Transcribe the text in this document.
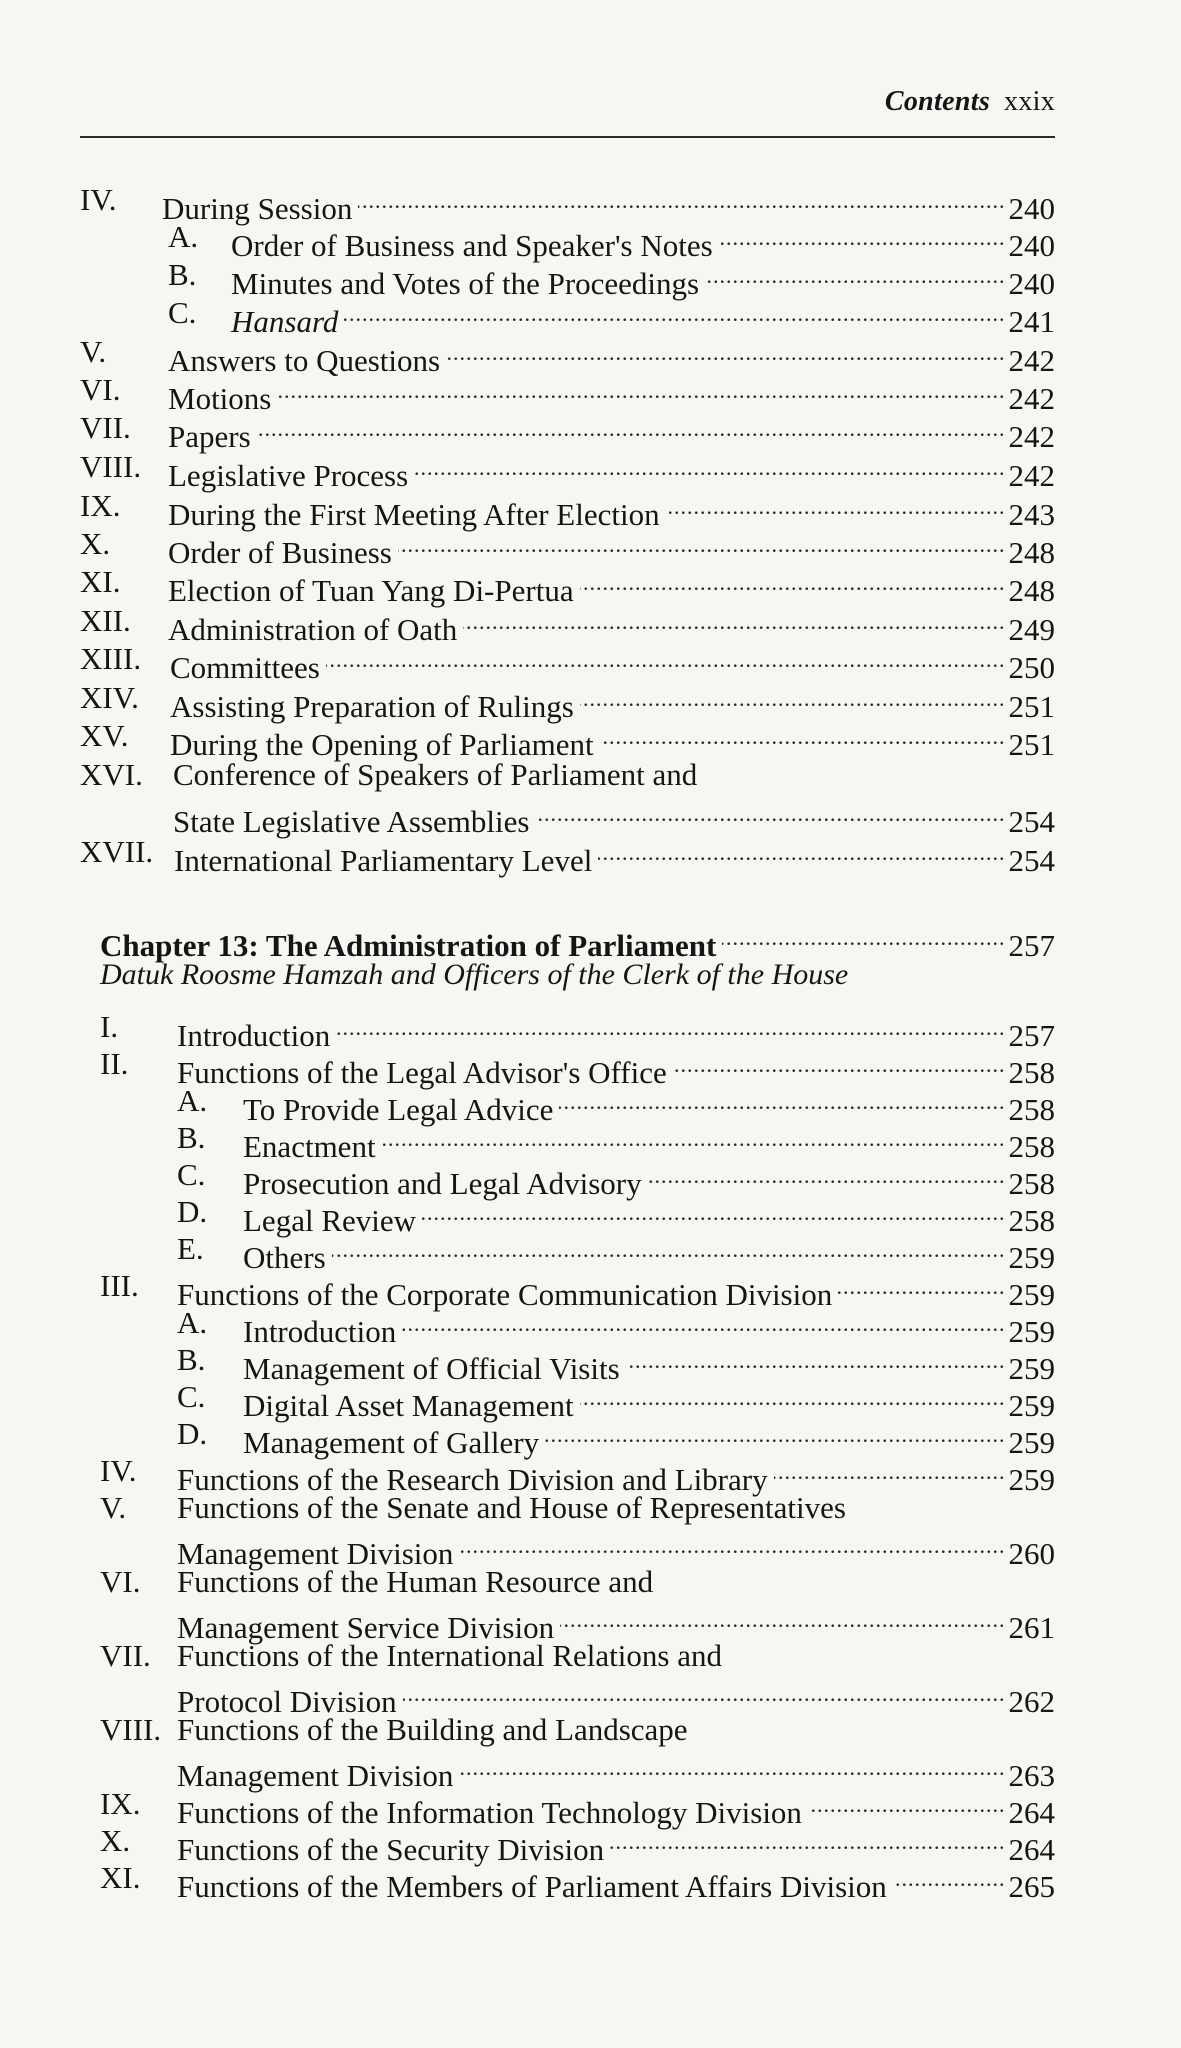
Contents xxix
IV. During Session .....	240
A. Order of Business and Speaker's Notes .....	240
B. Minutes and Votes of the Proceedings .....	240
C. Hansard .....	241
V. Answers to Questions .....	242
VI. Motions .....	242
VII. Papers .....	242
VIII. Legislative Process .....	242
IX. During the First Meeting After Election .....	243
X. Order of Business .....	248
XI. Election of Tuan Yang Di-Pertua .....	248
XII. Administration of Oath .....	249
XIII. Committees .....	250
XIV. Assisting Preparation of Rulings .....	251
XV. During the Opening of Parliament .....	251
XVI. Conference of Speakers of Parliament and
State Legislative Assemblies .....	254
XVII. International Parliamentary Level .....	254
Chapter 13: The Administration of Parliament .....	257
Datuk Roosme Hamzah and Officers of the Clerk of the House
I. Introduction .....	257
II. Functions of the Legal Advisor's Office .....	258
A. To Provide Legal Advice .....	258
B. Enactment .....	258
C. Prosecution and Legal Advisory .....	258
D. Legal Review .....	258
E. Others .....	259
III. Functions of the Corporate Communication Division .....	259
A. Introduction .....	259
B. Management of Official Visits .....	259
C. Digital Asset Management .....	259
D. Management of Gallery .....	259
IV. Functions of the Research Division and Library .....	259
V. Functions of the Senate and House of Representatives
Management Division .....	260
VI. Functions of the Human Resource and
Management Service Division .....	261
VII. Functions of the International Relations and
Protocol Division .....	262
VIII. Functions of the Building and Landscape
Management Division .....	263
IX. Functions of the Information Technology Division .....	264
X. Functions of the Security Division .....	264
XI. Functions of the Members of Parliament Affairs Division .....	265
